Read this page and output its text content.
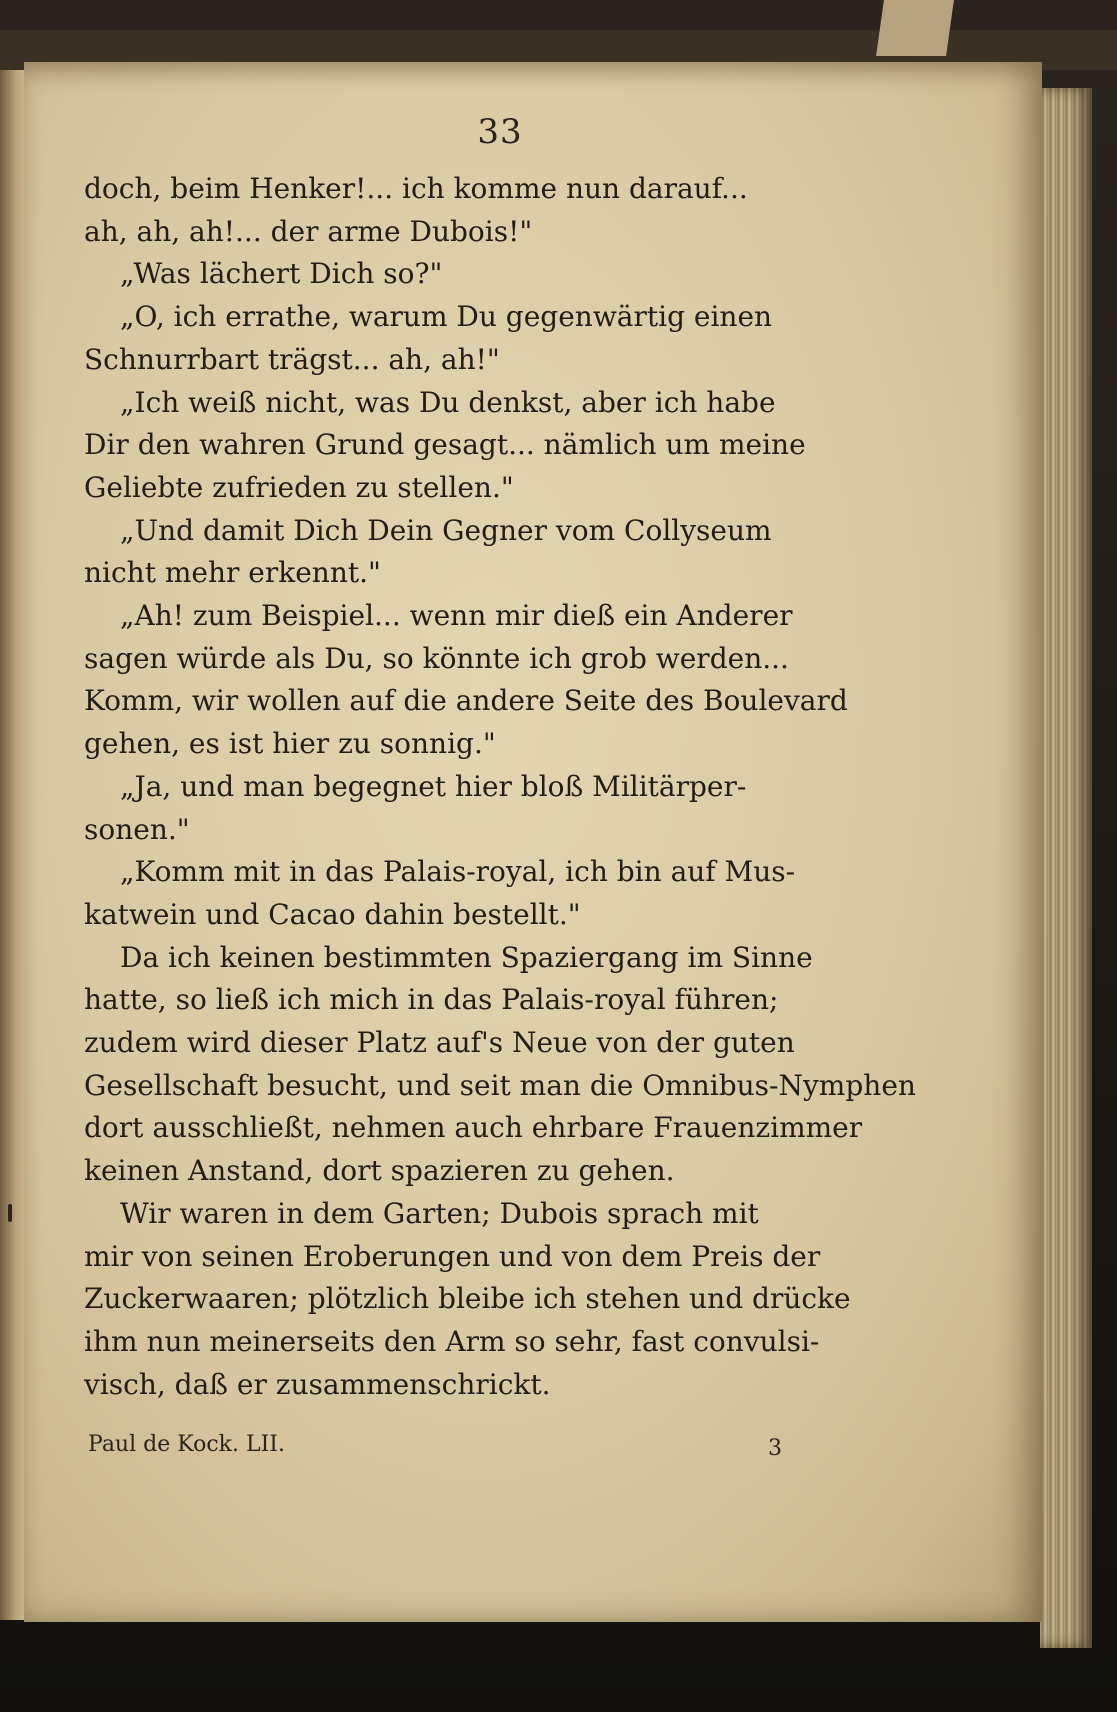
33
doch, beim Henker!... ich komme nun darauf...
ah, ah, ah!... der arme Dubois!"
„Was lächert Dich so?"
„O, ich errathe, warum Du gegenwärtig einen
Schnurrbart trägst... ah, ah!"
„Ich weiß nicht, was Du denkst, aber ich habe
Dir den wahren Grund gesagt... nämlich um meine
Geliebte zufrieden zu stellen."
„Und damit Dich Dein Gegner vom Collyseum
nicht mehr erkennt."
„Ah! zum Beispiel... wenn mir dieß ein Anderer
sagen würde als Du, so könnte ich grob werden...
Komm, wir wollen auf die andere Seite des Boulevard
gehen, es ist hier zu sonnig."
„Ja, und man begegnet hier bloß Militärper-
sonen."
„Komm mit in das Palais-royal, ich bin auf Mus-
katwein und Cacao dahin bestellt."
Da ich keinen bestimmten Spaziergang im Sinne
hatte, so ließ ich mich in das Palais-royal führen;
zudem wird dieser Platz auf's Neue von der guten
Gesellschaft besucht, und seit man die Omnibus-Nymphen
dort ausschließt, nehmen auch ehrbare Frauenzimmer
keinen Anstand, dort spazieren zu gehen.
Wir waren in dem Garten; Dubois sprach mit
mir von seinen Eroberungen und von dem Preis der
Zuckerwaaren; plötzlich bleibe ich stehen und drücke
ihm nun meinerseits den Arm so sehr, fast convulsi-
visch, daß er zusammenschrickt.
Paul de Kock. LII.	3
